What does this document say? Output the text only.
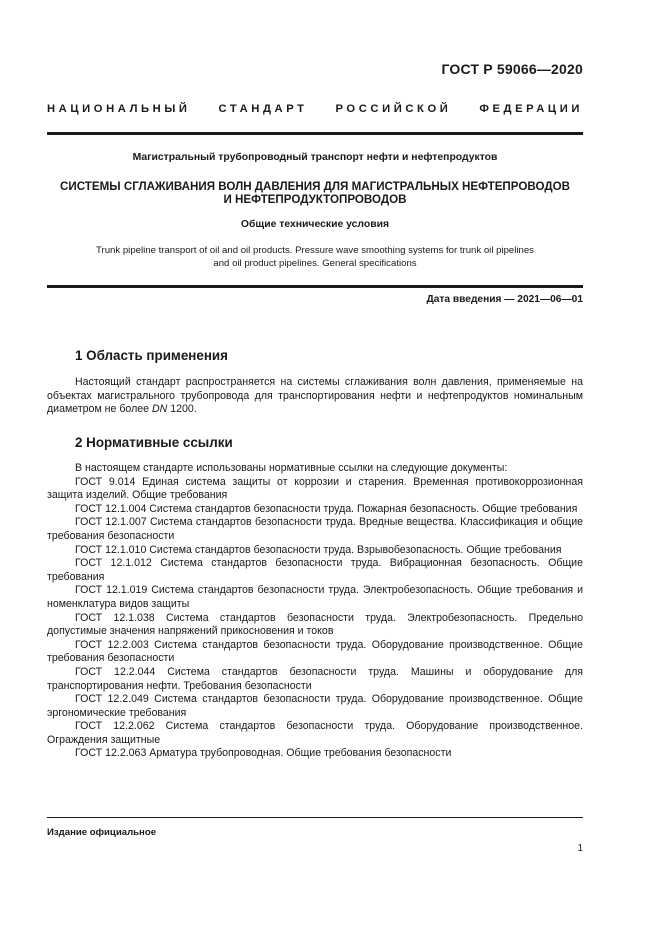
ГОСТ Р 59066—2020
НАЦИОНАЛЬНЫЙ СТАНДАРТ РОССИЙСКОЙ ФЕДЕРАЦИИ
Магистральный трубопроводный транспорт нефти и нефтепродуктов
СИСТЕМЫ СГЛАЖИВАНИЯ ВОЛН ДАВЛЕНИЯ ДЛЯ МАГИСТРАЛЬНЫХ НЕФТЕПРОВОДОВ
И НЕФТЕПРОДУКТОПРОВОДОВ
Общие технические условия
Trunk pipeline transport of oil and oil products. Pressure wave smoothing systems for trunk oil pipelines
and oil product pipelines. General specifications
Дата введения — 2021—06—01
1 Область применения
Настоящий стандарт распространяется на системы сглаживания волн давления, применяемые на объектах магистрального трубопровода для транспортирования нефти и нефтепродуктов номинальным диаметром не более DN 1200.
2 Нормативные ссылки

В настоящем стандарте использованы нормативные ссылки на следующие документы:

ГОСТ 9.014 Единая система защиты от коррозии и старения. Временная противокоррозионная защита изделий. Общие требования

ГОСТ 12.1.004 Система стандартов безопасности труда. Пожарная безопасность. Общие требования

ГОСТ 12.1.007 Система стандартов безопасности труда. Вредные вещества. Классификация и общие требования безопасности

ГОСТ 12.1.010 Система стандартов безопасности труда. Взрывобезопасность. Общие требования

ГОСТ 12.1.012 Система стандартов безопасности труда. Вибрационная безопасность. Общие требования

ГОСТ 12.1.019 Система стандартов безопасности труда. Электробезопасность. Общие требования и номенклатура видов защиты

ГОСТ 12.1.038 Система стандартов безопасности труда. Электробезопасность. Предельно допустимые значения напряжений прикосновения и токов

ГОСТ 12.2.003 Система стандартов безопасности труда. Оборудование производственное. Общие требования безопасности

ГОСТ 12.2.044 Система стандартов безопасности труда. Машины и оборудование для транспортирования нефти. Требования безопасности

ГОСТ 12.2.049 Система стандартов безопасности труда. Оборудование производственное. Общие эргономические требования

ГОСТ 12.2.062 Система стандартов безопасности труда. Оборудование производственное. Ограждения защитные

ГОСТ 12.2.063 Арматура трубопроводная. Общие требования безопасности

Издание официальное
1
